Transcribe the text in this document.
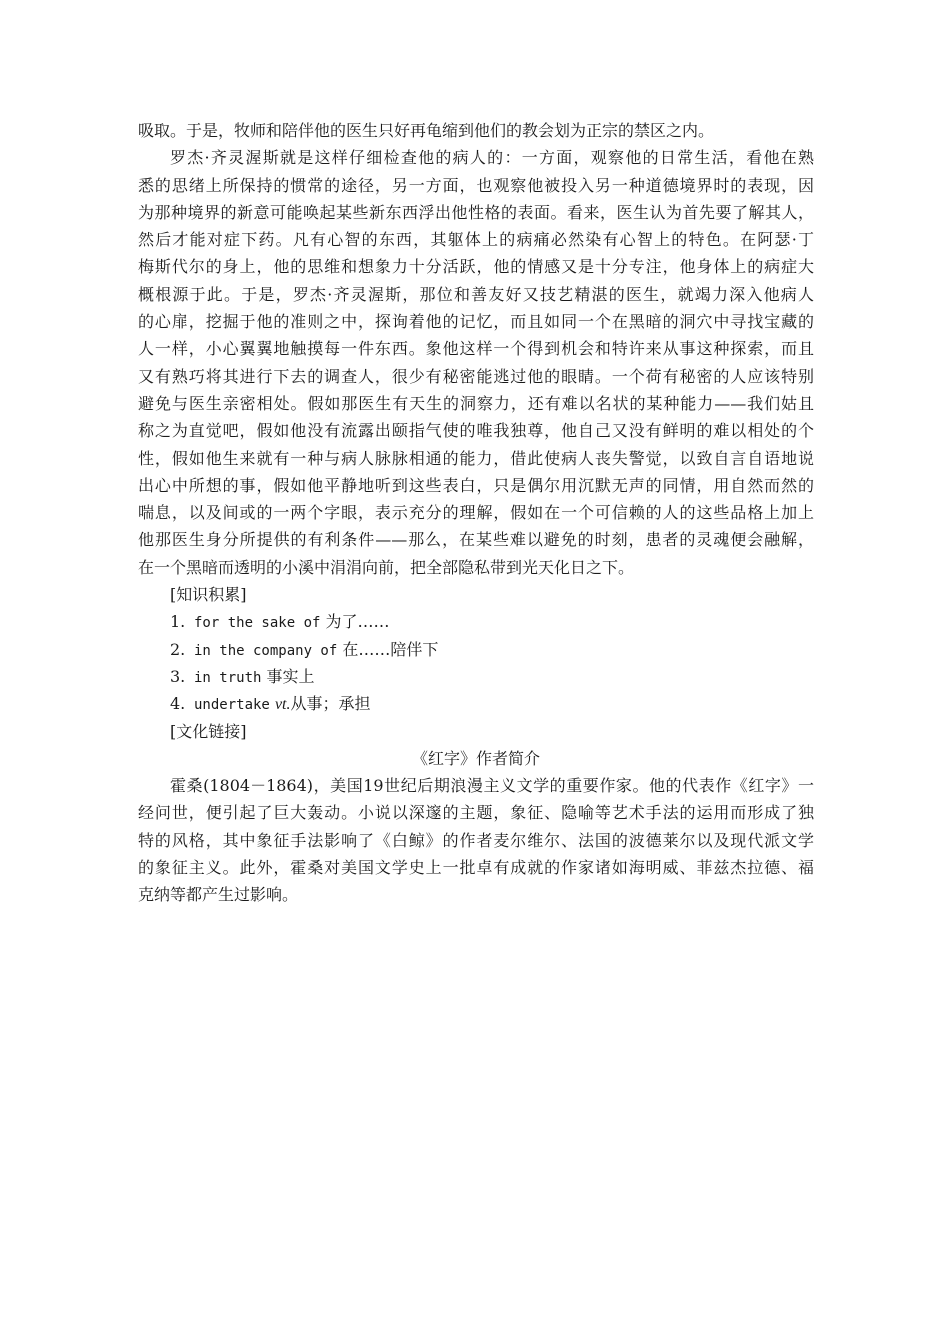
吸取。于是，牧师和陪伴他的医生只好再龟缩到他们的教会划为正宗的禁区之内。
罗杰·齐灵渥斯就是这样仔细检查他的病人的：一方面，观察他的日常生活，看他在熟
悉的思绪上所保持的惯常的途径，另一方面，也观察他被投入另一种道德境界时的表现，因
为那种境界的新意可能唤起某些新东西浮出他性格的表面。看来，医生认为首先要了解其人，
然后才能对症下药。凡有心智的东西，其躯体上的病痛必然染有心智上的特色。在阿瑟·丁
梅斯代尔的身上，他的思维和想象力十分活跃，他的情感又是十分专注，他身体上的病症大
概根源于此。于是，罗杰·齐灵渥斯，那位和善友好又技艺精湛的医生，就竭力深入他病人
的心扉，挖掘于他的准则之中，探询着他的记忆，而且如同一个在黑暗的洞穴中寻找宝藏的
人一样，小心翼翼地触摸每一件东西。象他这样一个得到机会和特许来从事这种探索，而且
又有熟巧将其进行下去的调查人，很少有秘密能逃过他的眼睛。一个荷有秘密的人应该特别
避免与医生亲密相处。假如那医生有天生的洞察力，还有难以名状的某种能力——我们姑且
称之为直觉吧，假如他没有流露出颐指气使的唯我独尊，他自己又没有鲜明的难以相处的个
性，假如他生来就有一种与病人脉脉相通的能力，借此使病人丧失警觉，以致自言自语地说
出心中所想的事，假如他平静地听到这些表白，只是偶尔用沉默无声的同情，用自然而然的
喘息，以及间或的一两个字眼，表示充分的理解，假如在一个可信赖的人的这些品格上加上
他那医生身分所提供的有利条件——那么，在某些难以避免的时刻，患者的灵魂便会融解，
在一个黑暗而透明的小溪中涓涓向前，把全部隐私带到光天化日之下。
[知识积累]
1. for the sake of 为了……
2. in the company of 在……陪伴下
3. in truth 事实上
4. undertake vt.从事；承担
[文化链接]
《红字》作者简介
霍桑(1804－1864)，美国19世纪后期浪漫主义文学的重要作家。他的代表作《红字》一
经问世，便引起了巨大轰动。小说以深邃的主题，象征、隐喻等艺术手法的运用而形成了独
特的风格，其中象征手法影响了《白鲸》的作者麦尔维尔、法国的波德莱尔以及现代派文学
的象征主义。此外，霍桑对美国文学史上一批卓有成就的作家诸如海明威、菲兹杰拉德、福
克纳等都产生过影响。
